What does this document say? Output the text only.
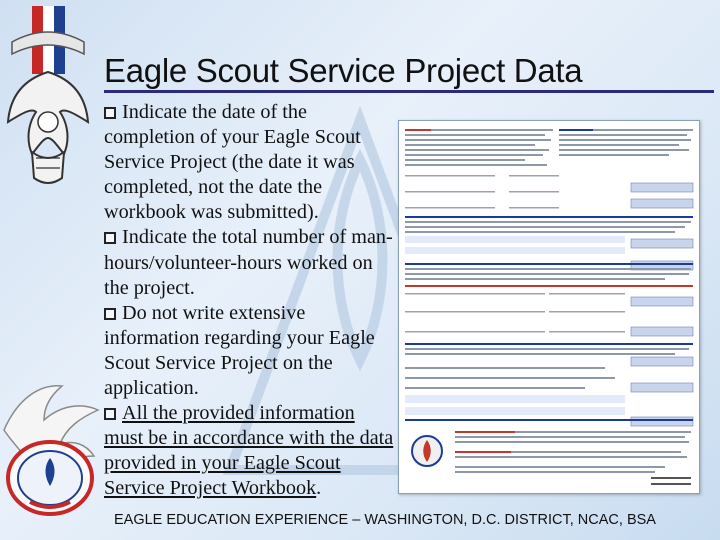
Eagle Scout Service Project Data

Indicate the date of the completion of your Eagle Scout Service Project (the date it was completed, not the date the workbook was submitted).

Indicate the total number of man-hours/volunteer-hours worked on the project.

Do not write extensive information regarding your Eagle Scout Service Project on the application.

All the provided information must be in accordance with the data provided in your Eagle Scout Service Project Workbook.

EAGLE EDUCATION EXPERIENCE – WASHINGTON, D.C. DISTRICT, NCAC, BSA
